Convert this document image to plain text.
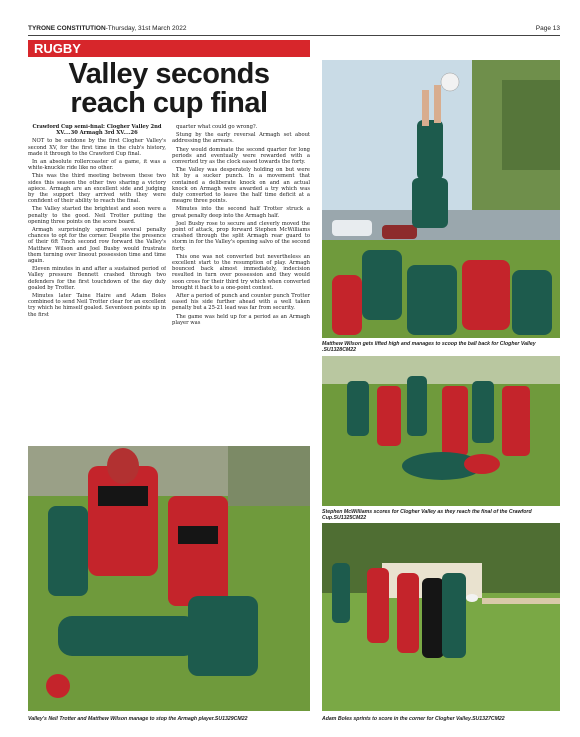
TYRONE CONSTITUTION-Thursday, 31st March 2022	Page 13
RUGBY
Valley seconds reach cup final

Crawford Cup semi-final: Clogher Valley 2nd XV....30 Armagh 3rd XV....26

NOT to be outdone by the first Clogher Valley's second XV, for the first time in the club's history, made it through to the Crawford Cup final.

In an absolute rollercoaster of a game, it was a white-knuckle ride like no other.

This was the third meeting between these two sides this season the other two sharing a victory apiece. Armagh are an excellent side and judging by the support they arrived with they were confident of their ability to reach the final.

The Valley started the brightest and soon were a penalty to the good. Neil Trotter putting the opening three points on the score board.

Armagh surprisingly spurned several penalty chances to opt for the corner. Despite the presence of their 6ft 7inch second row forward the Valley's Matthew Wilson and Joel Busby would frustrate them turning over lineout possession time and time again.

Eleven minutes in and after a sustained period of Valley pressure Bennett crashed through two defenders for the first touchdown of the day duly goaled by Trotter.

Minutes later Taine Haire and Adam Boles combined to send Neil Trotter clear for an excellent try which he himself goaled. Seventeen points up in the first

quarter what could go wrong?.

Stung by the early reversal Armagh set about addressing the arrears.

They would dominate the second quarter for long periods and eventually were rewarded with a converted try as the clock eased towards the forty.

The Valley was desperately holding on but were hit by a sucker punch. In a movement that contained a deliberate knock on and an actual knock on Armagh were awarded a try which was duly converted to leave the half time deficit at a meagre three points.

Minutes into the second half Trotter struck a great penalty deep into the Armagh half.

Joel Busby rose to secure and cleverly moved the point of attack, prop forward Stephen McWilliams crashed through the split Armagh rear guard to storm in for the Valley's opening salvo of the second forty.

This one was not converted but nevertheless an excellent start to the resumption of play. Armagh bounced back almost immediately, indecision resulted in turn over possession and they would soon cross for their third try which when converted brought it back to a one-point contest.

After a period of punch and counter punch Trotter eased his side further ahead with a well taken penalty but a 25-21 lead was far from security.

The game was held up for a period as an Armagh player was

Matthew Wilson gets lifted high and manages to scoop the ball back for Clogher Valley .SU1328CM22
Stephen McWilliams scores for Clogher Valley as they reach the final of the Crawford Cup.SU1325CM22
Valley's Neil Trotter and Matthew Wilson manage to stop the Armagh player.SU1329CM22	Adam Boles sprints to score in the corner for Clogher Valley.SU1327CM22
